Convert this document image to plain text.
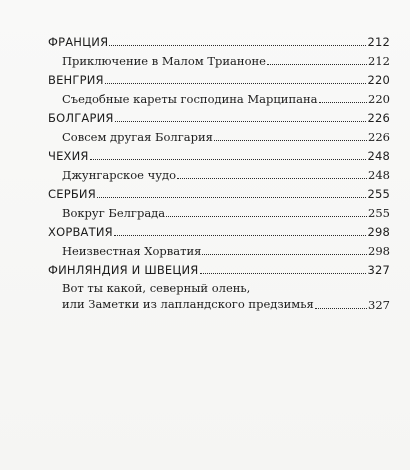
ФРАНЦИЯ	212
Приключение в Малом Трианоне	212
ВЕНГРИЯ	220
Съедобные кареты господина Марципана	220
БОЛГАРИЯ	226
Совсем другая Болгария	226
ЧЕХИЯ	248
Джунгарское чудо	248
СЕРБИЯ	255
Вокруг Белграда	255
ХОРВАТИЯ	298
Неизвестная Хорватия	298
ФИНЛЯНДИЯ И ШВЕЦИЯ	327
Вот ты какой, северный олень,
или Заметки из лапландского предзимья	327
